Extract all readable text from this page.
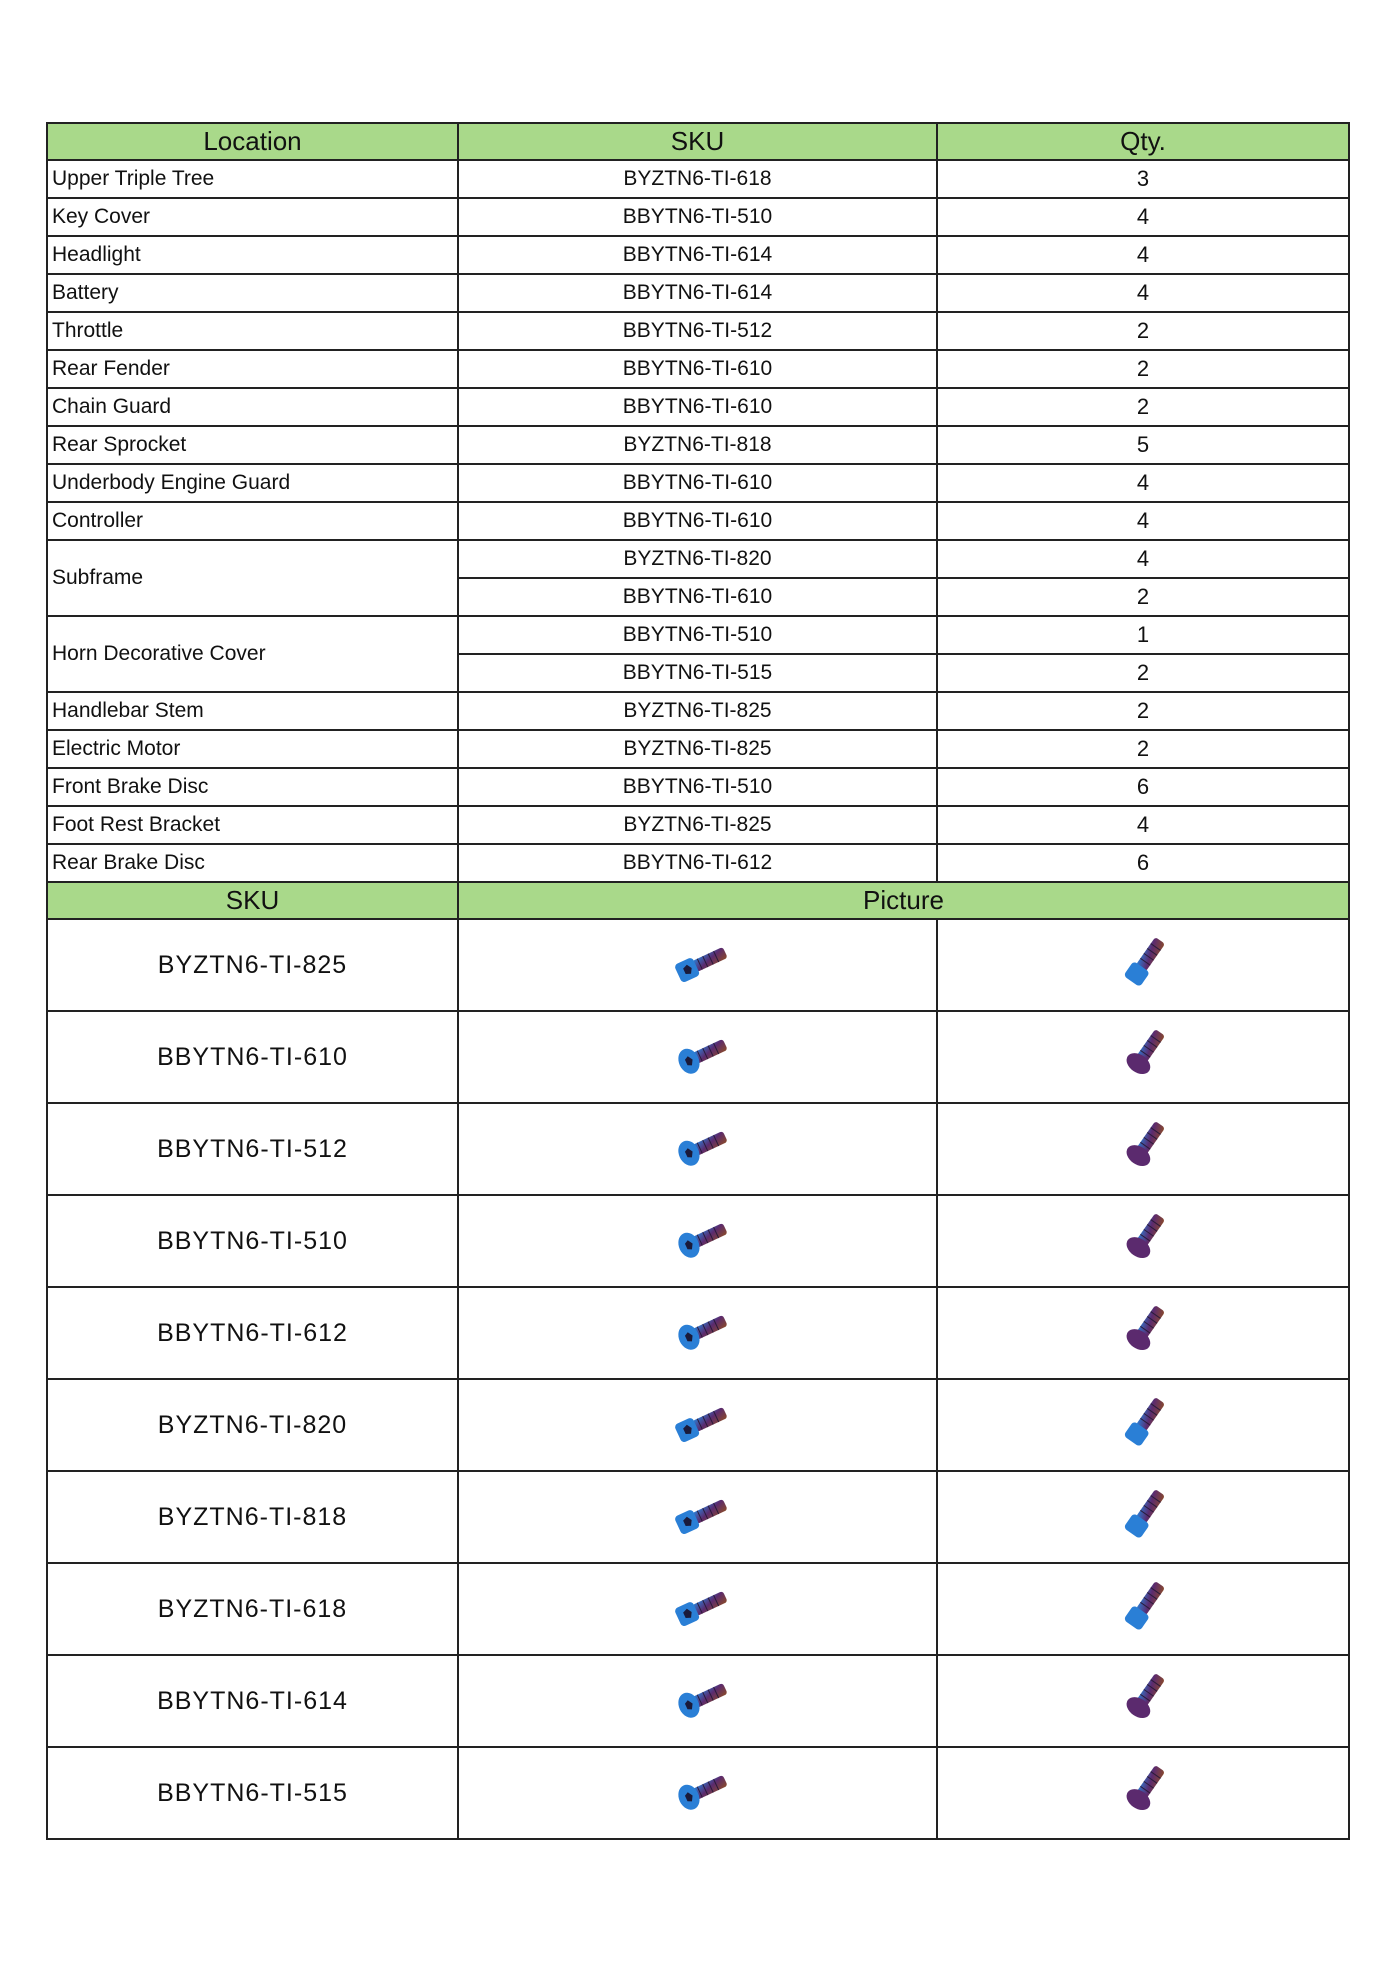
Location	SKU	Qty.
Upper Triple Tree	BYZTN6-TI-618	3
Key Cover	BBYTN6-TI-510	4
Headlight	BBYTN6-TI-614	4
Battery	BBYTN6-TI-614	4
Throttle	BBYTN6-TI-512	2
Rear Fender	BBYTN6-TI-610	2
Chain Guard	BBYTN6-TI-610	2
Rear Sprocket	BYZTN6-TI-818	5
Underbody Engine Guard	BBYTN6-TI-610	4
Controller	BBYTN6-TI-610	4
Subframe	BYZTN6-TI-820	4
	BBYTN6-TI-610	2
Horn Decorative Cover	BBYTN6-TI-510	1
	BBYTN6-TI-515	2
Handlebar Stem	BYZTN6-TI-825	2
Electric Motor	BYZTN6-TI-825	2
Front Brake Disc	BBYTN6-TI-510	6
Foot Rest Bracket	BYZTN6-TI-825	4
Rear Brake Disc	BBYTN6-TI-612	6
SKU	Picture	
BYZTN6-TI-825		
BBYTN6-TI-610		
BBYTN6-TI-512		
BBYTN6-TI-510		
BBYTN6-TI-612		
BYZTN6-TI-820		
BYZTN6-TI-818		
BYZTN6-TI-618		
BBYTN6-TI-614		
BBYTN6-TI-515		
